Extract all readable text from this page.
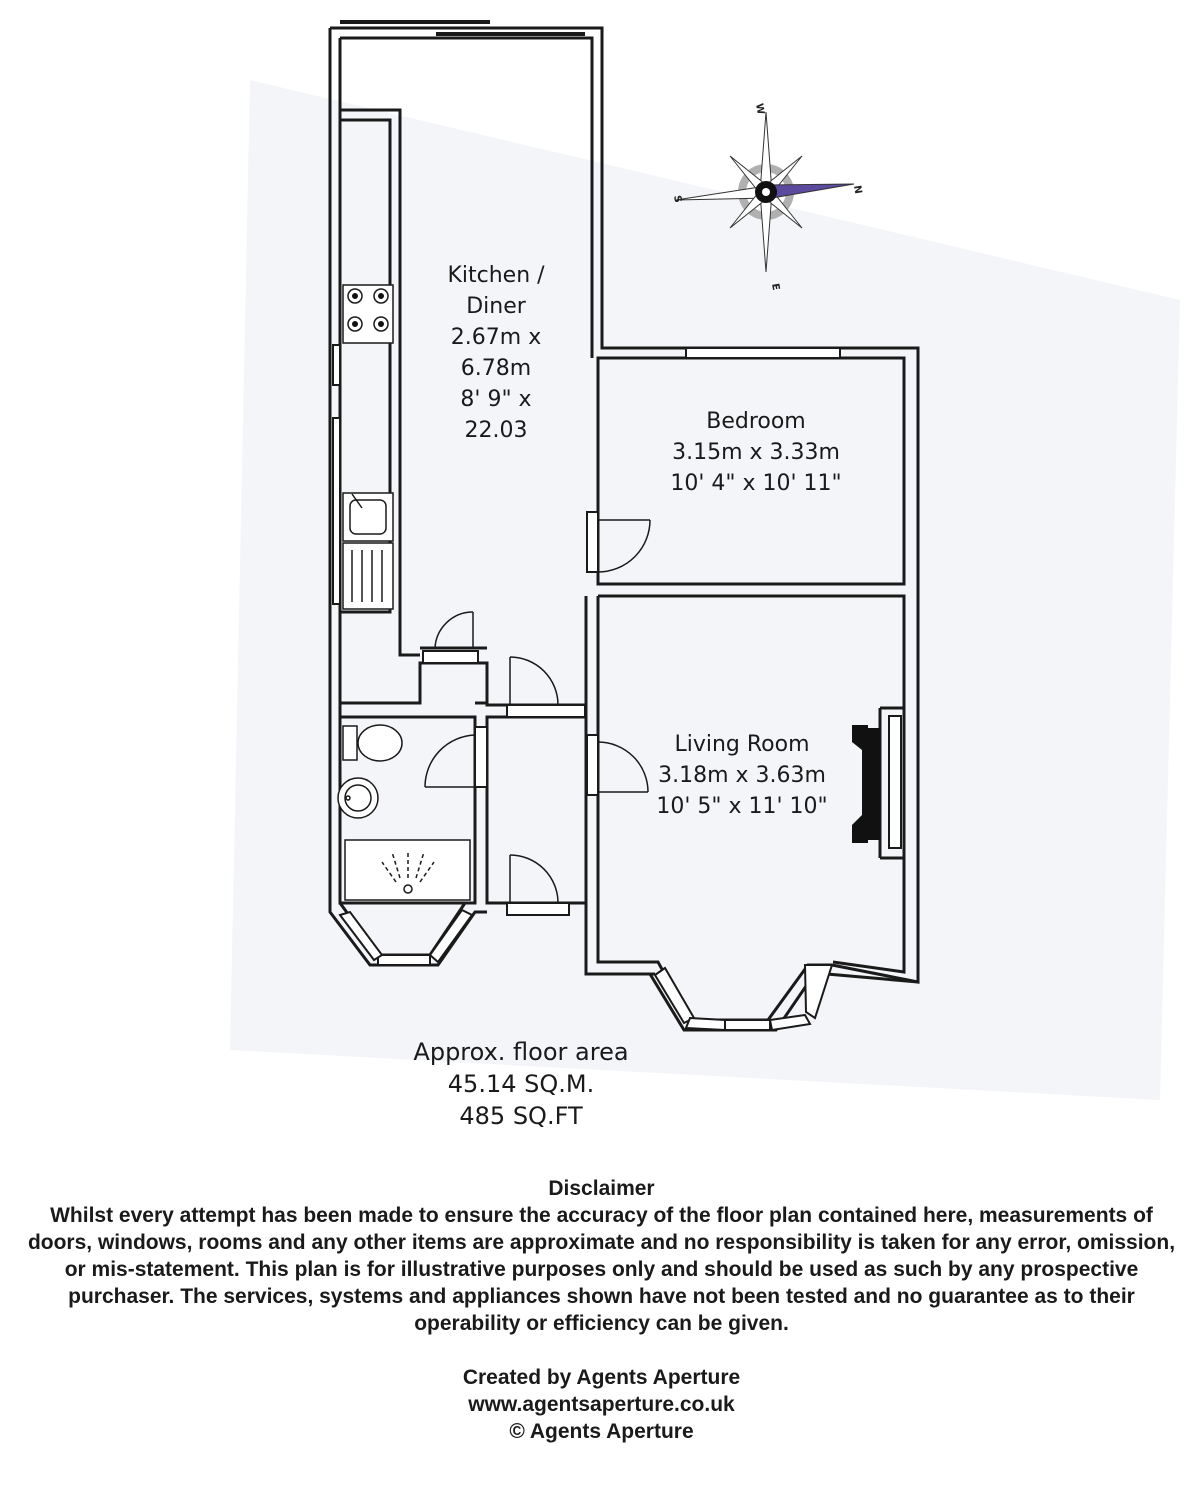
W
E
S
N
Kitchen /
Diner
2.67m x
6.78m
8' 9" x
22.03	Bedroom
3.15m x 3.33m
10' 4" x 10' 11"
Living Room
3.18m x 3.63m
10' 5" x 11' 10"
Approx. floor area
45.14 SQ.M.
485 SQ.FT

Disclaimer

Whilst every attempt has been made to ensure the accuracy of the floor plan contained here, measurements of doors, windows, rooms and any other items are approximate and no responsibility is taken for any error, omission, or mis-statement. This plan is for illustrative purposes only and should be used as such by any prospective purchaser. The services, systems and appliances shown have not been tested and no guarantee as to their operability or efficiency can be given.

Created by Agents Aperture

www.agentsaperture.co.uk

© Agents Aperture
